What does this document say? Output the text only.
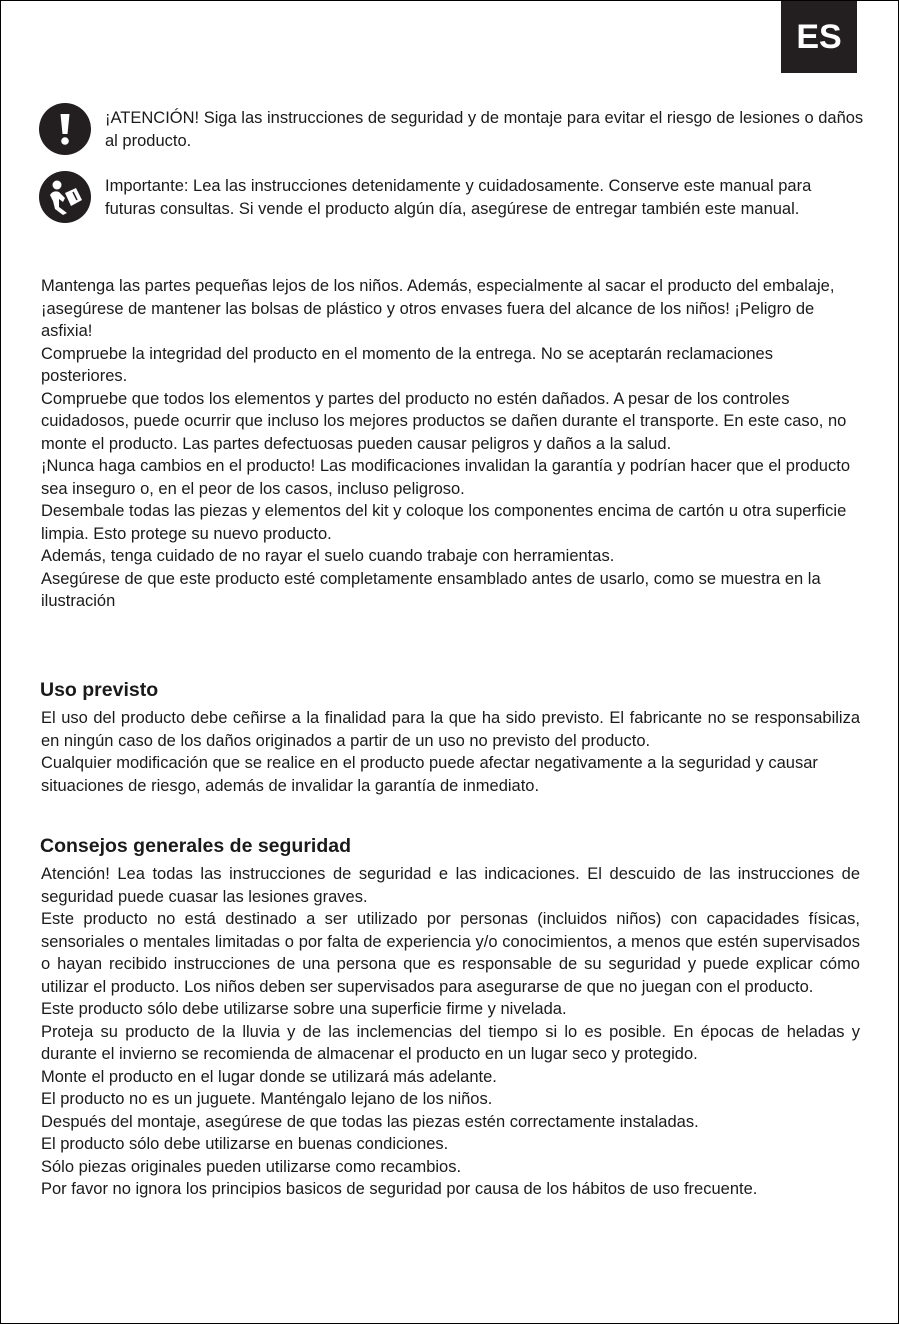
ES
¡ATENCIÓN! Siga las instrucciones de seguridad y de montaje para evitar el riesgo de lesiones o daños al producto.
Importante: Lea las instrucciones detenidamente y cuidadosamente. Conserve este manual para futuras consultas. Si vende el producto algún día, asegúrese de entregar también este manual.

Mantenga las partes pequeñas lejos de los niños. Además, especialmente al sacar el producto del embalaje, ¡asegúrese de mantener las bolsas de plástico y otros envases fuera del alcance de los niños! ¡Peligro de asfixia!

Compruebe la integridad del producto en el momento de la entrega. No se aceptarán reclamaciones posteriores.

Compruebe que todos los elementos y partes del producto no estén dañados. A pesar de los controles cuidadosos, puede ocurrir que incluso los mejores productos se dañen durante el transporte. En este caso, no monte el producto. Las partes defectuosas pueden causar peligros y daños a la salud.

¡Nunca haga cambios en el producto! Las modificaciones invalidan la garantía y podrían hacer que el producto sea inseguro o, en el peor de los casos, incluso peligroso.

Desembale todas las piezas y elementos del kit y coloque los componentes encima de cartón u otra superficie limpia. Esto protege su nuevo producto.

Además, tenga cuidado de no rayar el suelo cuando trabaje con herramientas.

Asegúrese de que este producto esté completamente ensamblado antes de usarlo, como se muestra en la ilustración

Uso previsto

El uso del producto debe ceñirse a la finalidad para la que ha sido previsto. El fabricante no se responsabiliza en ningún caso de los daños originados a partir de un uso no previsto del producto.

Cualquier modificación que se realice en el producto puede afectar negativamente a la seguridad y causar situaciones de riesgo, además de invalidar la garantía de inmediato.

Consejos generales de seguridad

Atención! Lea todas las instrucciones de seguridad e las indicaciones. El descuido de las instrucciones de seguridad puede cuasar las lesiones graves.

Este producto no está destinado a ser utilizado por personas (incluidos niños) con capacidades físicas, sensoriales o mentales limitadas o por falta de experiencia y/o conocimientos, a menos que estén supervisados o hayan recibido instrucciones de una persona que es responsable de su seguridad y puede explicar cómo utilizar el producto. Los niños deben ser supervisados para asegurarse de que no juegan con el producto.

Este producto sólo debe utilizarse sobre una superficie firme y nivelada.

Proteja su producto de la lluvia y de las inclemencias del tiempo si lo es posible. En épocas de heladas y durante el invierno se recomienda de almacenar el producto en un lugar seco y protegido.

Monte el producto en el lugar donde se utilizará más adelante.

El producto no es un juguete. Manténgalo lejano de los niños.

Después del montaje, asegúrese de que todas las piezas estén correctamente instaladas.

El producto sólo debe utilizarse en buenas condiciones.

Sólo piezas originales pueden utilizarse como recambios.

Por favor no ignora los principios basicos de seguridad por causa de los hábitos de uso frecuente.
